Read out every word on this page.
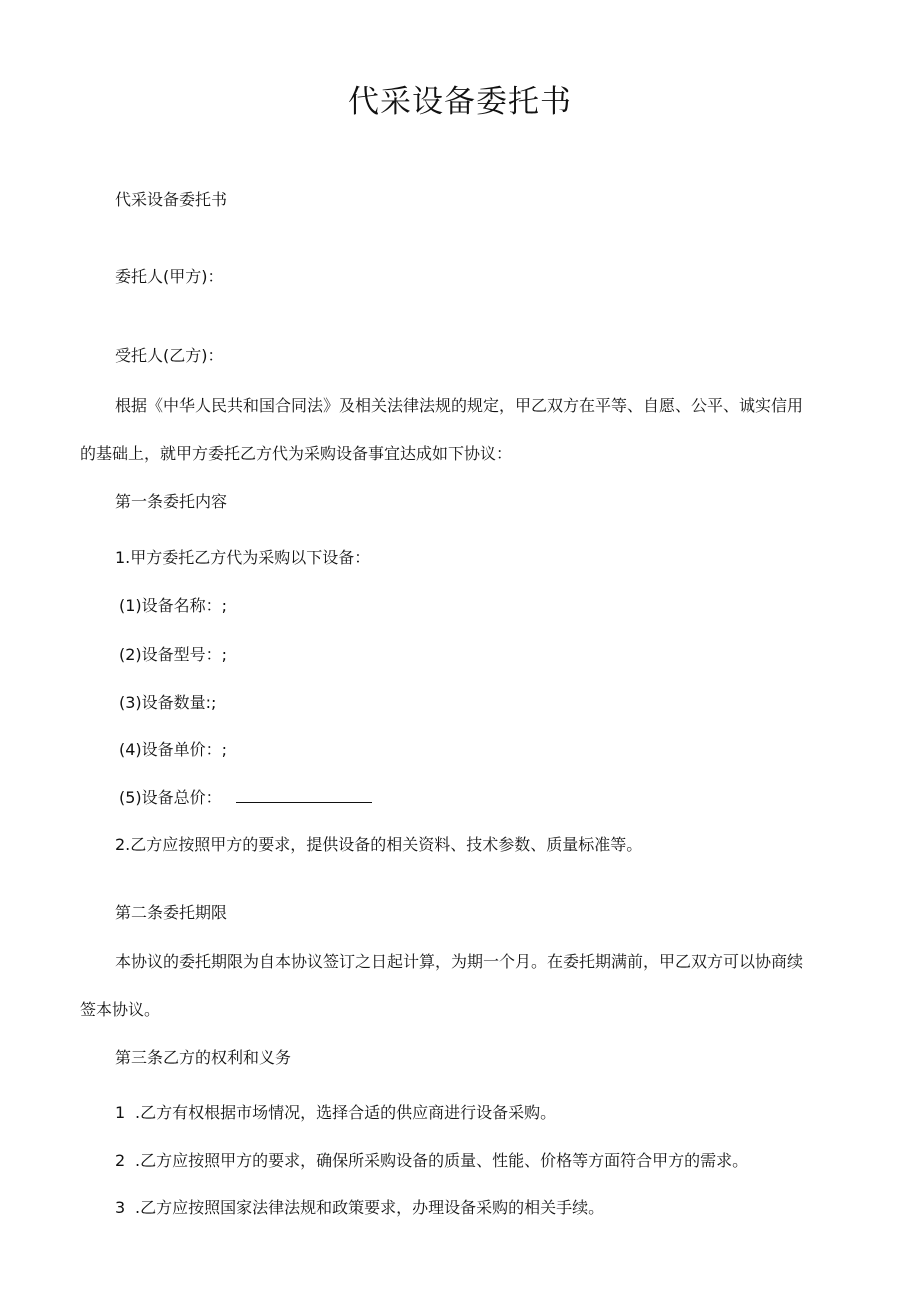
代采设备委托书
代采设备委托书
委托人(甲方)：
受托人(乙方)：
根据《中华人民共和国合同法》及相关法律法规的规定，甲乙双方在平等、自愿、公平、诚实信用
的基础上，就甲方委托乙方代为采购设备事宜达成如下协议：
第一条委托内容
1.甲方委托乙方代为采购以下设备：
(1)设备名称：;
(2)设备型号：;
(3)设备数量:;
(4)设备单价：;
(5)设备总价：
2.乙方应按照甲方的要求，提供设备的相关资料、技术参数、质量标准等。
第二条委托期限
本协议的委托期限为自本协议签订之日起计算，为期一个月。在委托期满前，甲乙双方可以协商续
签本协议。
第三条乙方的权利和义务
1 .乙方有权根据市场情况，选择合适的供应商进行设备采购。
2 .乙方应按照甲方的要求，确保所采购设备的质量、性能、价格等方面符合甲方的需求。
3 .乙方应按照国家法律法规和政策要求，办理设备采购的相关手续。
